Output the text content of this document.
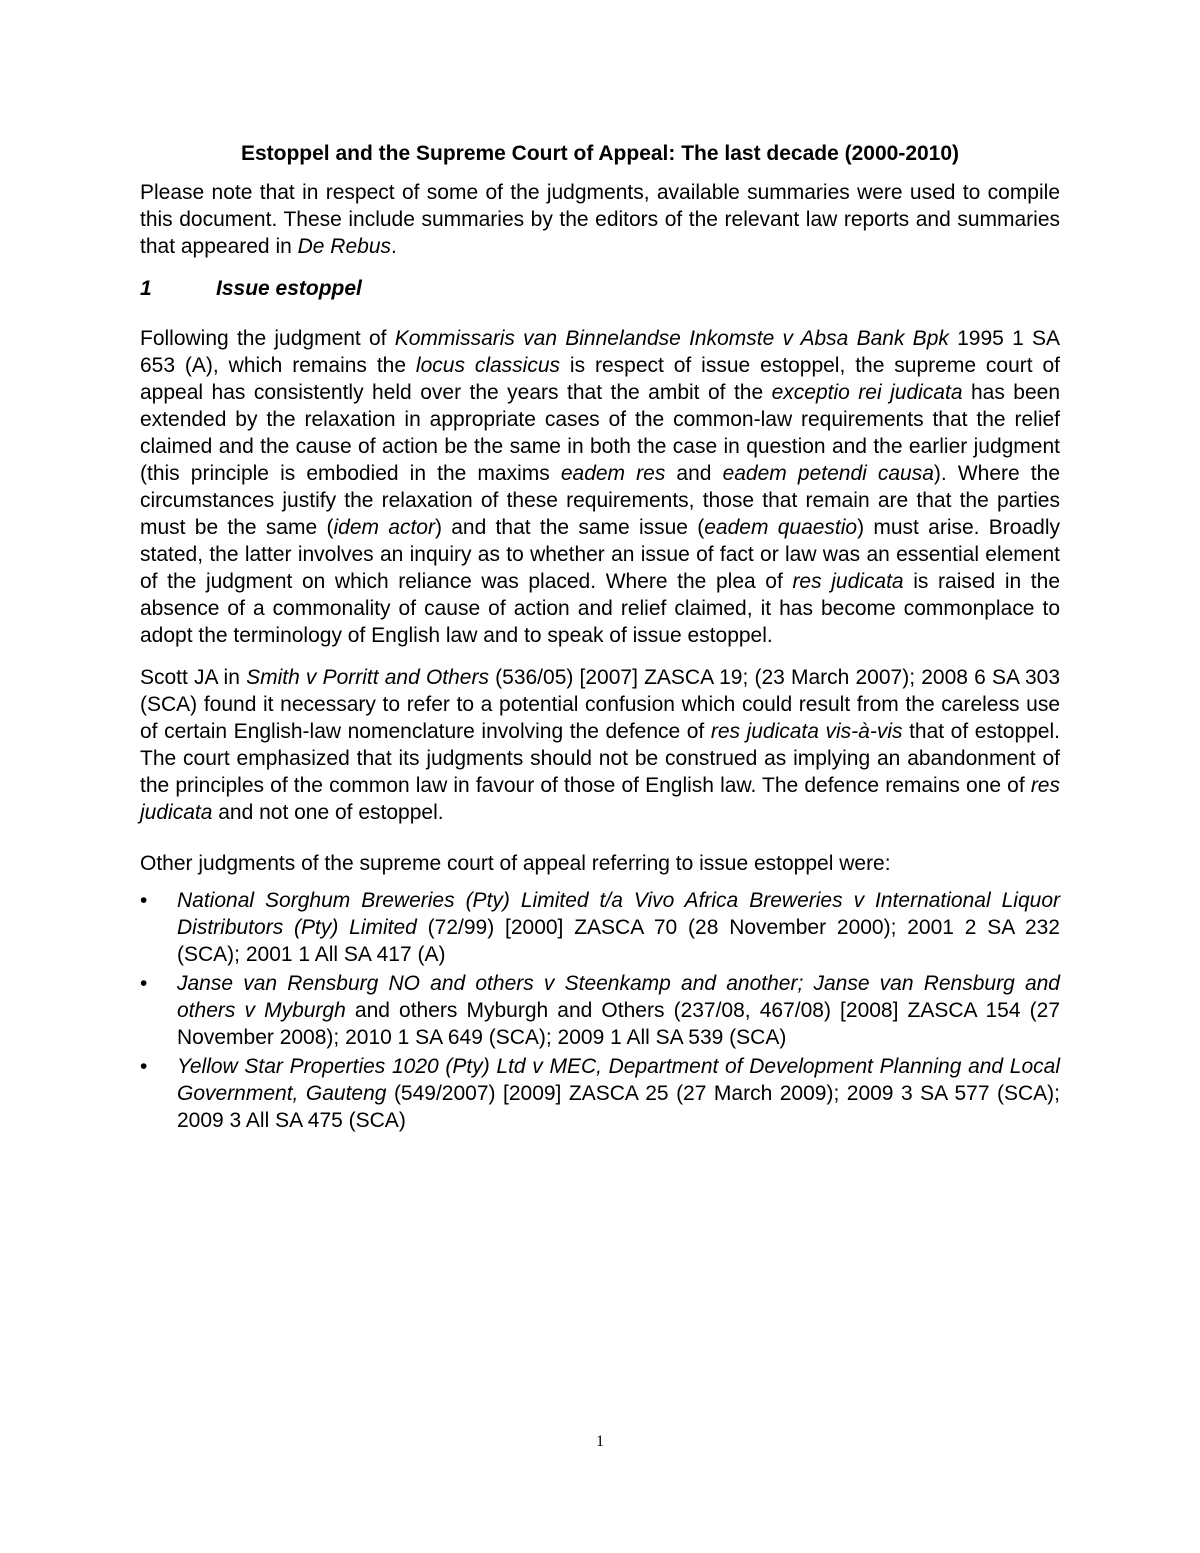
Estoppel and the Supreme Court of Appeal: The last decade (2000-2010)

Please note that in respect of some of the judgments, available summaries were used to compile this document. These include summaries by the editors of the relevant law reports and summaries that appeared in De Rebus.

1	Issue estoppel

Following the judgment of Kommissaris van Binnelandse Inkomste v Absa Bank Bpk 1995 1 SA 653 (A), which remains the locus classicus is respect of issue estoppel, the supreme court of appeal has consistently held over the years that the ambit of the exceptio rei judicata has been extended by the relaxation in appropriate cases of the common-law requirements that the relief claimed and the cause of action be the same in both the case in question and the earlier judgment (this principle is embodied in the maxims eadem res and eadem petendi causa). Where the circumstances justify the relaxation of these requirements, those that remain are that the parties must be the same (idem actor) and that the same issue (eadem quaestio) must arise. Broadly stated, the latter involves an inquiry as to whether an issue of fact or law was an essential element of the judgment on which reliance was placed. Where the plea of res judicata is raised in the absence of a commonality of cause of action and relief claimed, it has become commonplace to adopt the terminology of English law and to speak of issue estoppel.

Scott JA in Smith v Porritt and Others (536/05) [2007] ZASCA 19; (23 March 2007); 2008 6 SA 303 (SCA) found it necessary to refer to a potential confusion which could result from the careless use of certain English-law nomenclature involving the defence of res judicata vis-à-vis that of estoppel. The court emphasized that its judgments should not be construed as implying an abandonment of the principles of the common law in favour of those of English law. The defence remains one of res judicata and not one of estoppel.

Other judgments of the supreme court of appeal referring to issue estoppel were:

•	National Sorghum Breweries (Pty) Limited t/a Vivo Africa Breweries v International Liquor Distributors (Pty) Limited (72/99) [2000] ZASCA 70 (28 November 2000); 2001 2 SA 232 (SCA); 2001 1 All SA 417 (A)
•	Janse van Rensburg NO and others v Steenkamp and another; Janse van Rensburg and others v Myburgh and others Myburgh and Others (237/08, 467/08) [2008] ZASCA 154 (27 November 2008); 2010 1 SA 649 (SCA); 2009 1 All SA 539 (SCA)
•	Yellow Star Properties 1020 (Pty) Ltd v MEC, Department of Development Planning and Local Government, Gauteng (549/2007) [2009] ZASCA 25 (27 March 2009); 2009 3 SA 577 (SCA); 2009 3 All SA 475 (SCA)
1
